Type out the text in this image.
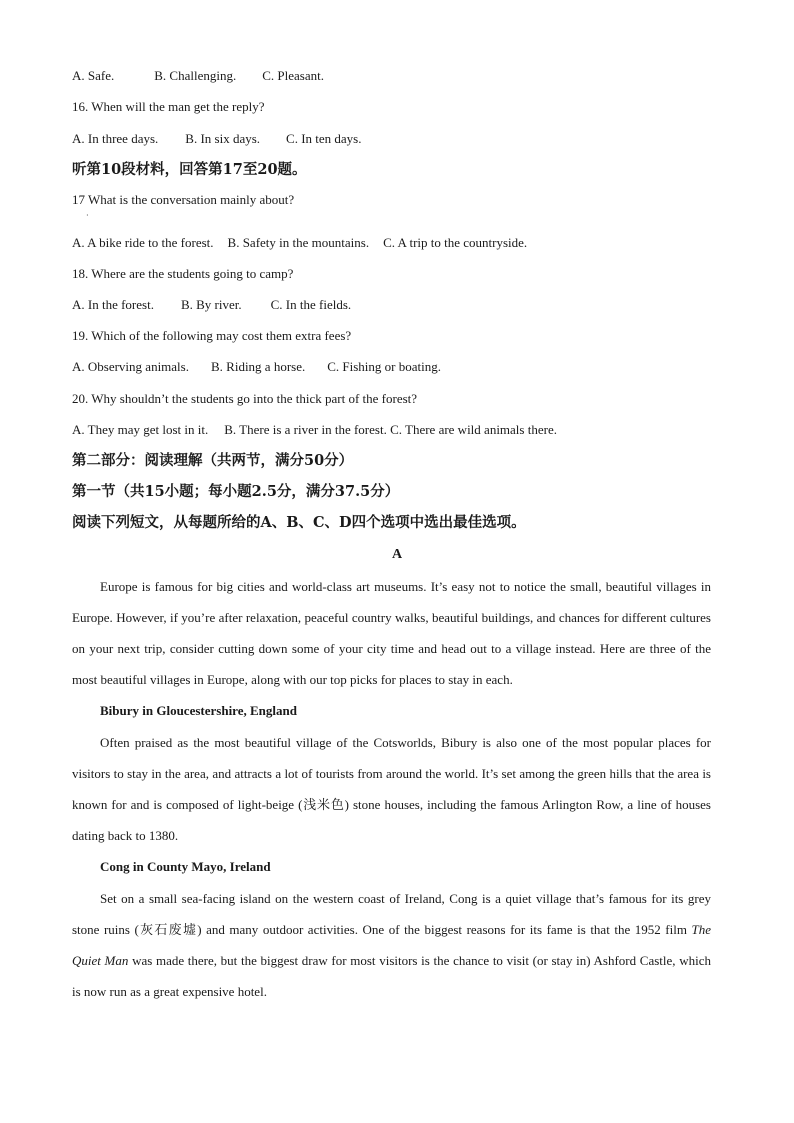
A. Safe.	B. Challenging. C. Pleasant.
16. When will the man get the reply?
A. In three days. B. In six days. C. In ten days.
听第10段材料，回答第17至20题。
17 What is the conversation mainly about?
·
A. A bike ride to the forest. B. Safety in the mountains. C. A trip to the countryside.
18. Where are the students going to camp?
A. In the forest. B. By river. C. In the fields.
19. Which of the following may cost them extra fees?
A. Observing animals. B. Riding a horse. C. Fishing or boating.
20. Why shouldn’t the students go into the thick part of the forest?
A. They may get lost in it. B. There is a river in the forest. C. There are wild animals there.
第二部分：阅读理解（共两节，满分50分）
第一节（共15小题；每小题2.5分，满分37.5分）
阅读下列短文，从每题所给的A、B、C、D四个选项中选出最佳选项。
A
Europe is famous for big cities and world-class art museums. It’s easy not to notice the small, beautiful villages in Europe. However, if you’re after relaxation, peaceful country walks, beautiful buildings, and chances for different cultures on your next trip, consider cutting down some of your city time and head out to a village instead. Here are three of the most beautiful villages in Europe, along with our top picks for places to stay in each.
Bibury in Gloucestershire, England
Often praised as the most beautiful village of the Cotsworlds, Bibury is also one of the most popular places for visitors to stay in the area, and attracts a lot of tourists from around the world. It’s set among the green hills that the area is known for and is composed of light-beige (浅米色) stone houses, including the famous Arlington Row, a line of houses dating back to 1380.
Cong in County Mayo, Ireland
Set on a small sea-facing island on the western coast of Ireland, Cong is a quiet village that’s famous for its grey stone ruins (灰石废墟) and many outdoor activities. One of the biggest reasons for its fame is that the 1952 film The Quiet Man was made there, but the biggest draw for most visitors is the chance to visit (or stay in) Ashford Castle, which is now run as a great expensive hotel.
